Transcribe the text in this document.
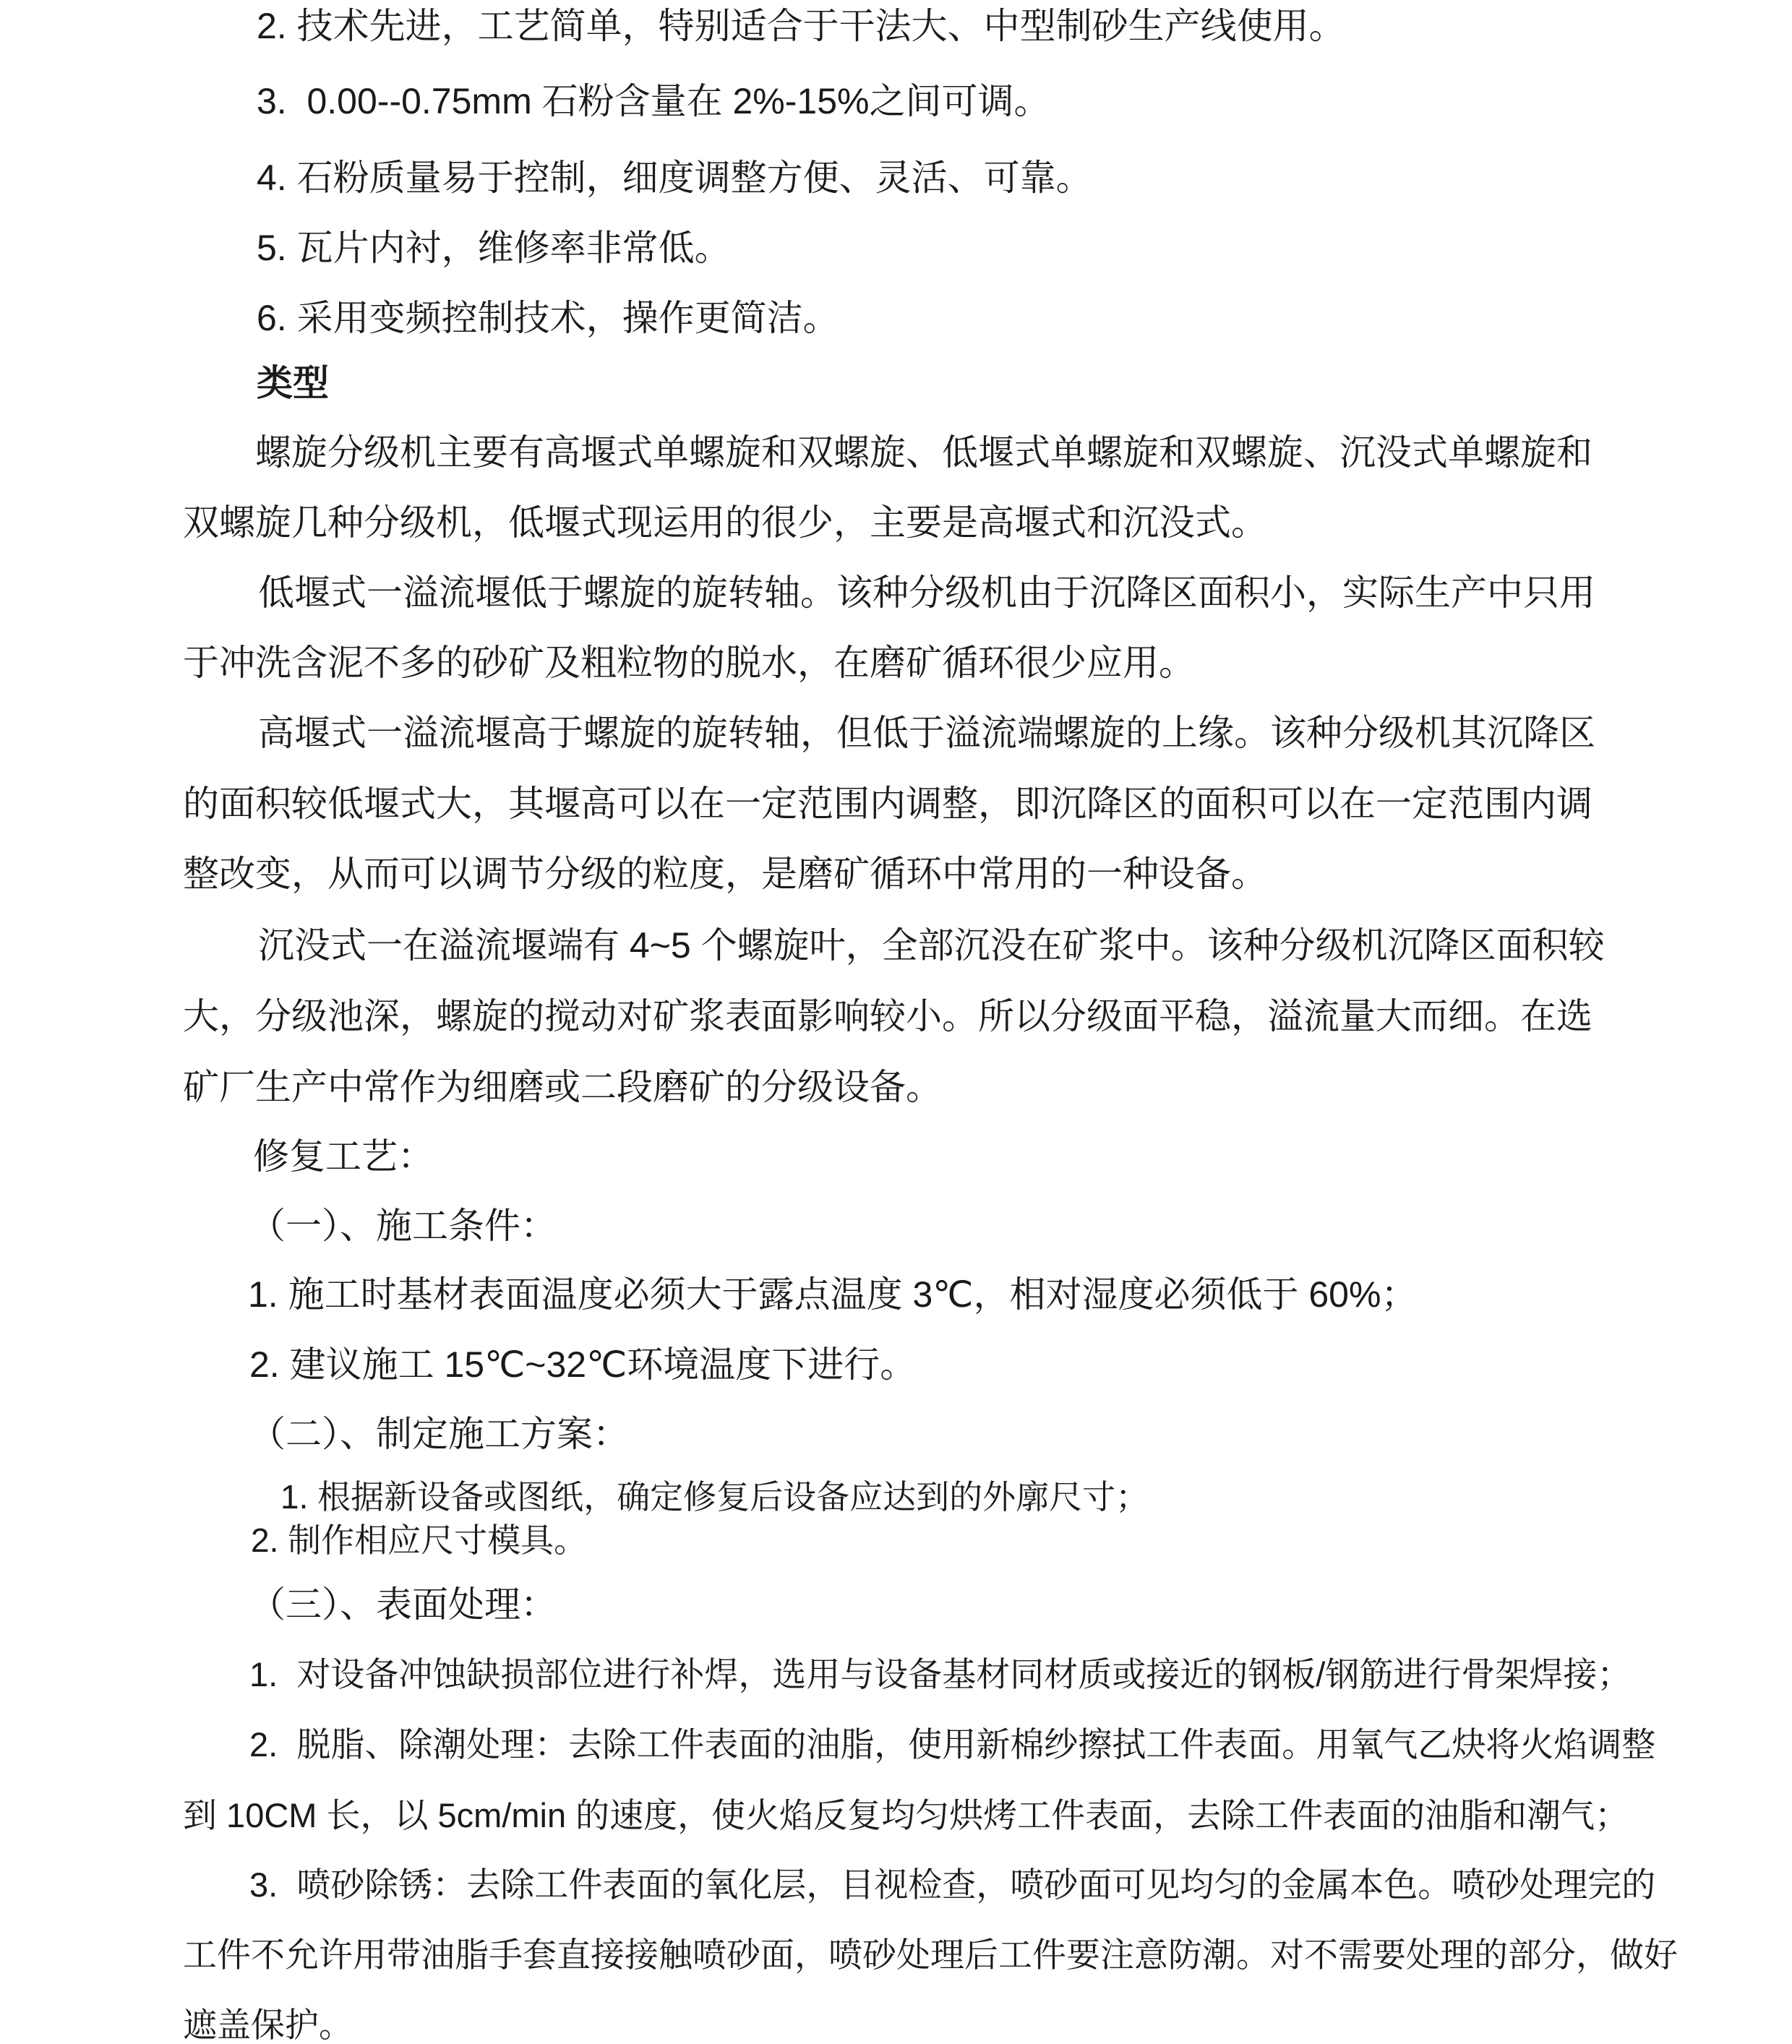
2. 技术先进，工艺简单，特别适合于干法大、中型制砂生产线使用。
3.  0.00--0.75mm 石粉含量在 2%-15%之间可调。
4. 石粉质量易于控制，细度调整方便、灵活、可靠。
5. 瓦片内衬，维修率非常低。
6. 采用变频控制技术，操作更简洁。
类型
螺旋分级机主要有高堰式单螺旋和双螺旋、低堰式单螺旋和双螺旋、沉没式单螺旋和
双螺旋几种分级机，低堰式现运用的很少，主要是高堰式和沉没式。
低堰式一溢流堰低于螺旋的旋转轴。该种分级机由于沉降区面积小，实际生产中只用
于冲洗含泥不多的砂矿及粗粒物的脱水，在磨矿循环很少应用。
高堰式一溢流堰高于螺旋的旋转轴，但低于溢流端螺旋的上缘。该种分级机其沉降区
的面积较低堰式大，其堰高可以在一定范围内调整，即沉降区的面积可以在一定范围内调
整改变，从而可以调节分级的粒度，是磨矿循环中常用的一种设备。
沉没式一在溢流堰端有 4~5 个螺旋叶，全部沉没在矿浆中。该种分级机沉降区面积较
大，分级池深，螺旋的搅动对矿浆表面影响较小。所以分级面平稳，溢流量大而细。在选
矿厂生产中常作为细磨或二段磨矿的分级设备。
修复工艺：
（一）、施工条件：
1. 施工时基材表面温度必须大于露点温度 3℃，相对湿度必须低于 60%；
2. 建议施工 15℃~32℃环境温度下进行。
（二）、制定施工方案：
1. 根据新设备或图纸，确定修复后设备应达到的外廓尺寸；
2. 制作相应尺寸模具。
（三）、表面处理：
1.  对设备冲蚀缺损部位进行补焊，选用与设备基材同材质或接近的钢板/钢筋进行骨架焊接；
2.  脱脂、除潮处理：去除工件表面的油脂，使用新棉纱擦拭工件表面。用氧气乙炔将火焰调整
到 10CM 长，以 5cm/min 的速度，使火焰反复均匀烘烤工件表面，去除工件表面的油脂和潮气；
3.  喷砂除锈：去除工件表面的氧化层，目视检查，喷砂面可见均匀的金属本色。喷砂处理完的
工件不允许用带油脂手套直接接触喷砂面，喷砂处理后工件要注意防潮。对不需要处理的部分，做好
遮盖保护。
